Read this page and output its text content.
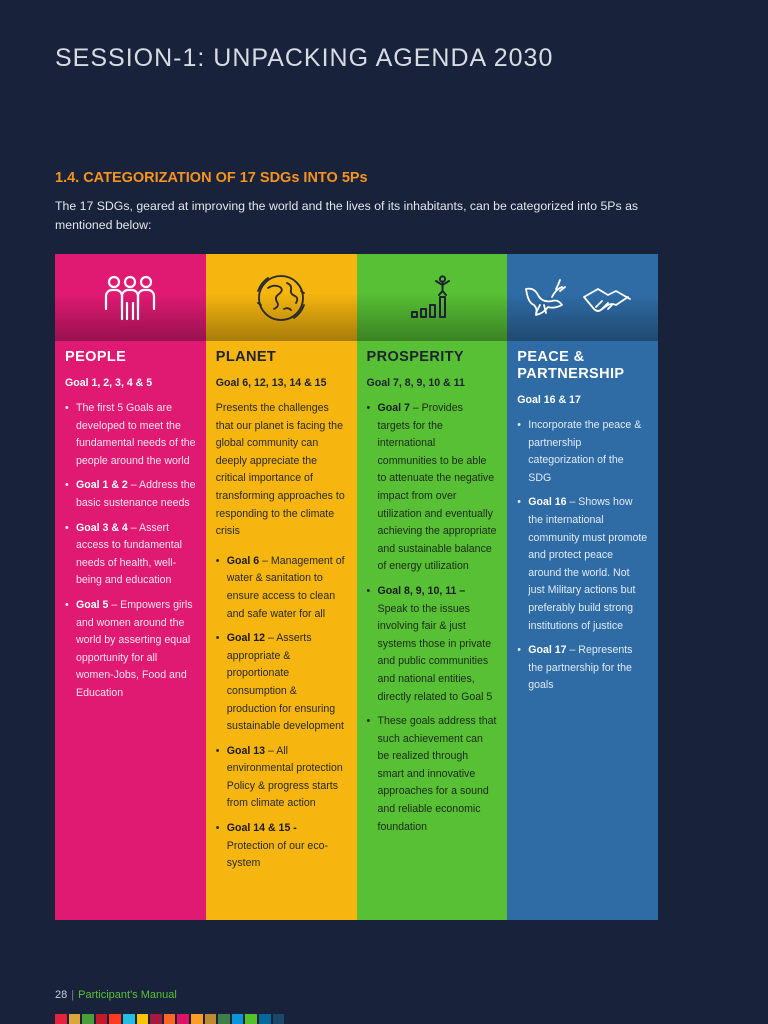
SESSION-1: UNPACKING AGENDA 2030
1.4. CATEGORIZATION OF 17 SDGs INTO 5Ps
The 17 SDGs, geared at improving the world and the lives of its inhabitants, can be categorized into 5Ps as mentioned below:
PEOPLE
Goal 1, 2, 3, 4 & 5
• The first 5 Goals are developed to meet the fundamental needs of the people around the world
• Goal 1 & 2 – Address the basic sustenance needs
• Goal 3 & 4 – Assert access to fundamental needs of health, well-being and education
• Goal 5 – Empowers girls and women around the world by asserting equal opportunity for all women-Jobs, Food and Education
PLANET
Goal 6, 12, 13, 14 & 15
Presents the challenges that our planet is facing the global community can deeply appreciate the critical importance of transforming approaches to responding to the climate crisis
• Goal 6 – Management of water & sanitation to ensure access to clean and safe water for all
• Goal 12 – Asserts appropriate & proportionate consumption & production for ensuring sustainable development
• Goal 13 – All environmental protection Policy & progress starts from climate action
• Goal 14 & 15 - Protection of our eco-system
PROSPERITY
Goal 7, 8, 9, 10 & 11
• Goal 7 – Provides targets for the international communities to be able to attenuate the negative impact from over utilization and eventually achieving the appropriate and sustainable balance of energy utilization
• Goal 8, 9, 10, 11 – Speak to the issues involving fair & just systems those in private and public communities and national entities, directly related to Goal 5
• These goals address that such achievement can be realized through smart and innovative approaches for a sound and reliable economic foundation
PEACE & PARTNERSHIP
Goal 16 & 17
• Incorporate the peace & partnership categorization of the SDG
• Goal 16 – Shows how the international community must promote and protect peace around the world. Not just Military actions but preferably build strong institutions of justice
• Goal 17 – Represents the partnership for the goals
28 | Participant's Manual
